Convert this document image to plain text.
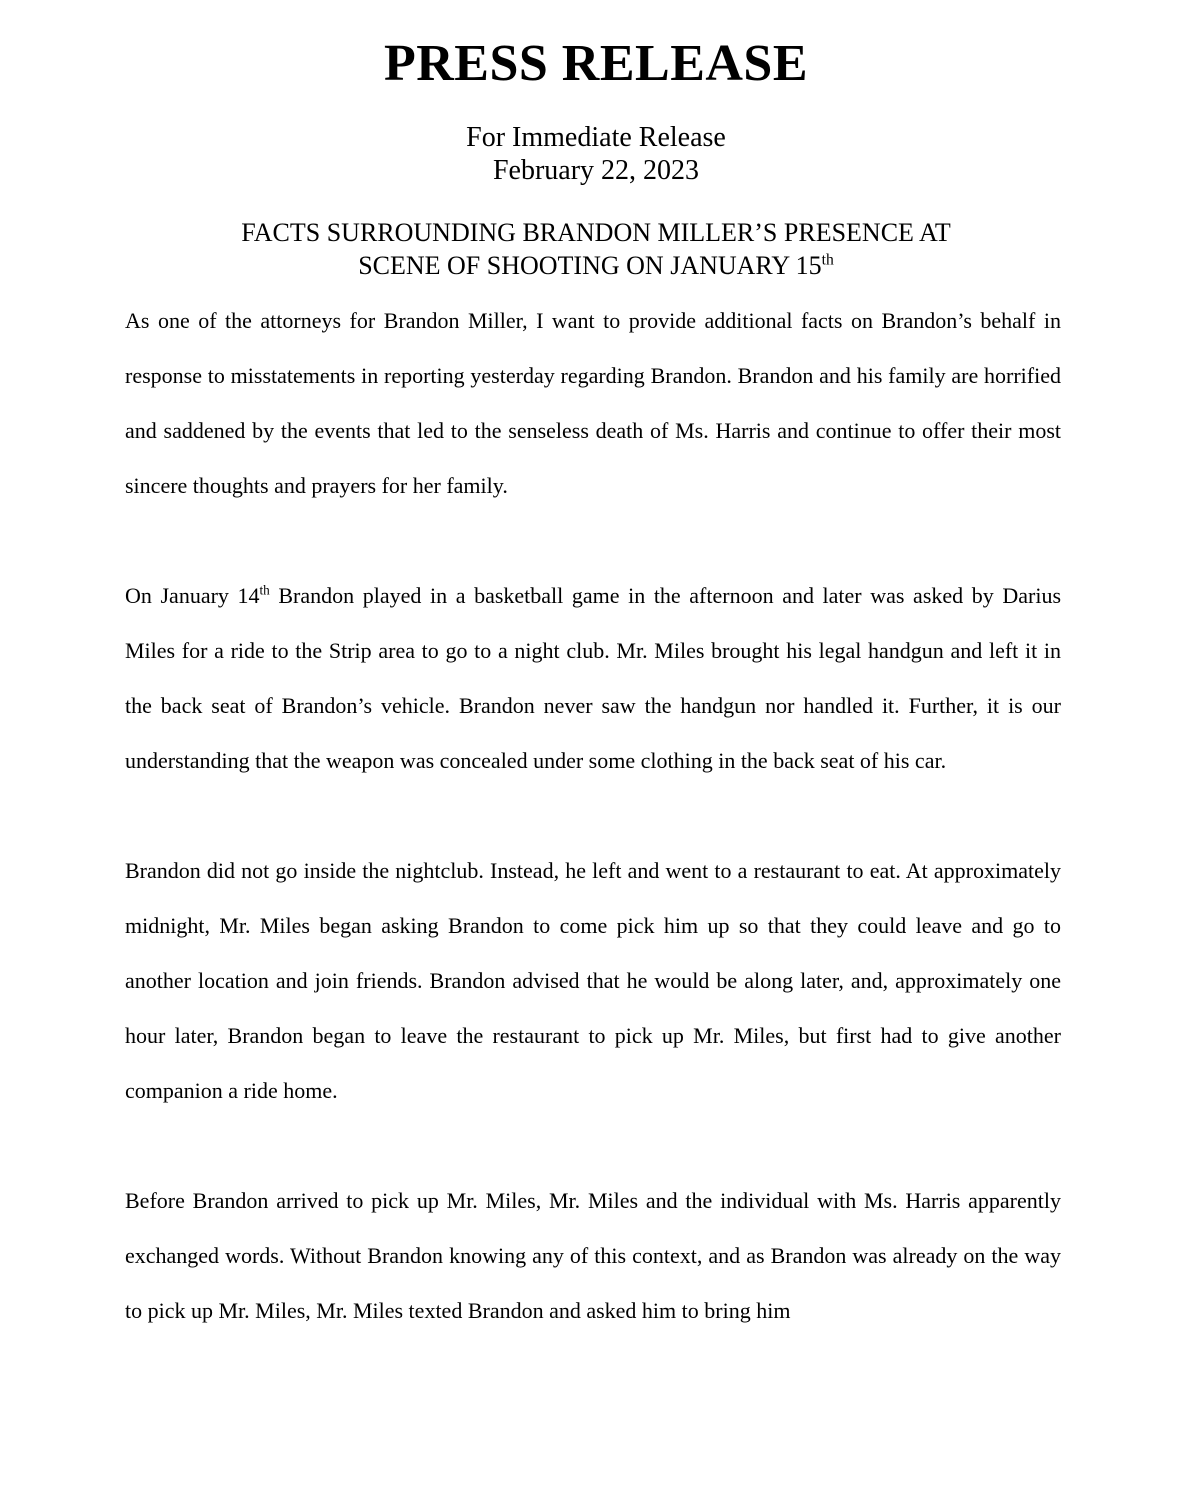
PRESS RELEASE
For Immediate Release
February 22, 2023
FACTS SURROUNDING BRANDON MILLER’S PRESENCE AT
SCENE OF SHOOTING ON JANUARY 15th

As one of the attorneys for Brandon Miller, I want to provide additional facts on Brandon’s behalf in response to misstatements in reporting yesterday regarding Brandon. Brandon and his family are horrified and saddened by the events that led to the senseless death of Ms. Harris and continue to offer their most sincere thoughts and prayers for her family.

On January 14th Brandon played in a basketball game in the afternoon and later was asked by Darius Miles for a ride to the Strip area to go to a night club. Mr. Miles brought his legal handgun and left it in the back seat of Brandon’s vehicle. Brandon never saw the handgun nor handled it. Further, it is our understanding that the weapon was concealed under some clothing in the back seat of his car.

Brandon did not go inside the nightclub. Instead, he left and went to a restaurant to eat. At approximately midnight, Mr. Miles began asking Brandon to come pick him up so that they could leave and go to another location and join friends. Brandon advised that he would be along later, and, approximately one hour later, Brandon began to leave the restaurant to pick up Mr. Miles, but first had to give another companion a ride home.

Before Brandon arrived to pick up Mr. Miles, Mr. Miles and the individual with Ms. Harris apparently exchanged words. Without Brandon knowing any of this context, and as Brandon was already on the way to pick up Mr. Miles, Mr. Miles texted Brandon and asked him to bring him
